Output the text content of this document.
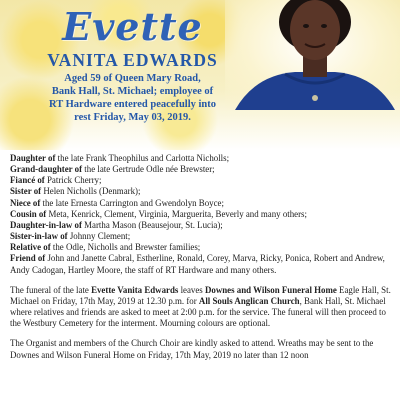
Evette
VANITA EDWARDS
Aged 59 of Queen Mary Road,
Bank Hall, St. Michael; employee of
RT Hardware entered peacefully into
rest Friday, May 03, 2019.
Daughter of the late Frank Theophilus and Carlotta Nicholls;
Grand-daughter of the late Gertrude Odle née Brewster;
Fiancé of Patrick Cherry;
Sister of Helen Nicholls (Denmark);
Niece of the late Ernesta Carrington and Gwendolyn Boyce;
Cousin of Meta, Kenrick, Clement, Virginia, Marguerita, Beverly and many others;
Daughter-in-law of Martha Mason (Beausejour, St. Lucia);
Sister-in-law of Johnny Clement;
Relative of the Odle, Nicholls and Brewster families;
Friend of John and Janette Cabral, Estherline, Ronald, Corey, Marva, Ricky, Ponica, Robert and Andrew, Andy Cadogan, Hartley Moore, the staff of RT Hardware and many others.
The funeral of the late Evette Vanita Edwards leaves Downes and Wilson Funeral Home Eagle Hall, St. Michael on Friday, 17th May, 2019 at 12.30 p.m. for All Souls Anglican Church, Bank Hall, St. Michael where relatives and friends are asked to meet at 2:00 p.m. for the service. The funeral will then proceed to the Westbury Cemetery for the interment. Mourning colours are optional.
The Organist and members of the Church Choir are kindly asked to attend. Wreaths may be sent to the Downes and Wilson Funeral Home on Friday, 17th May, 2019 no later than 12 noon
